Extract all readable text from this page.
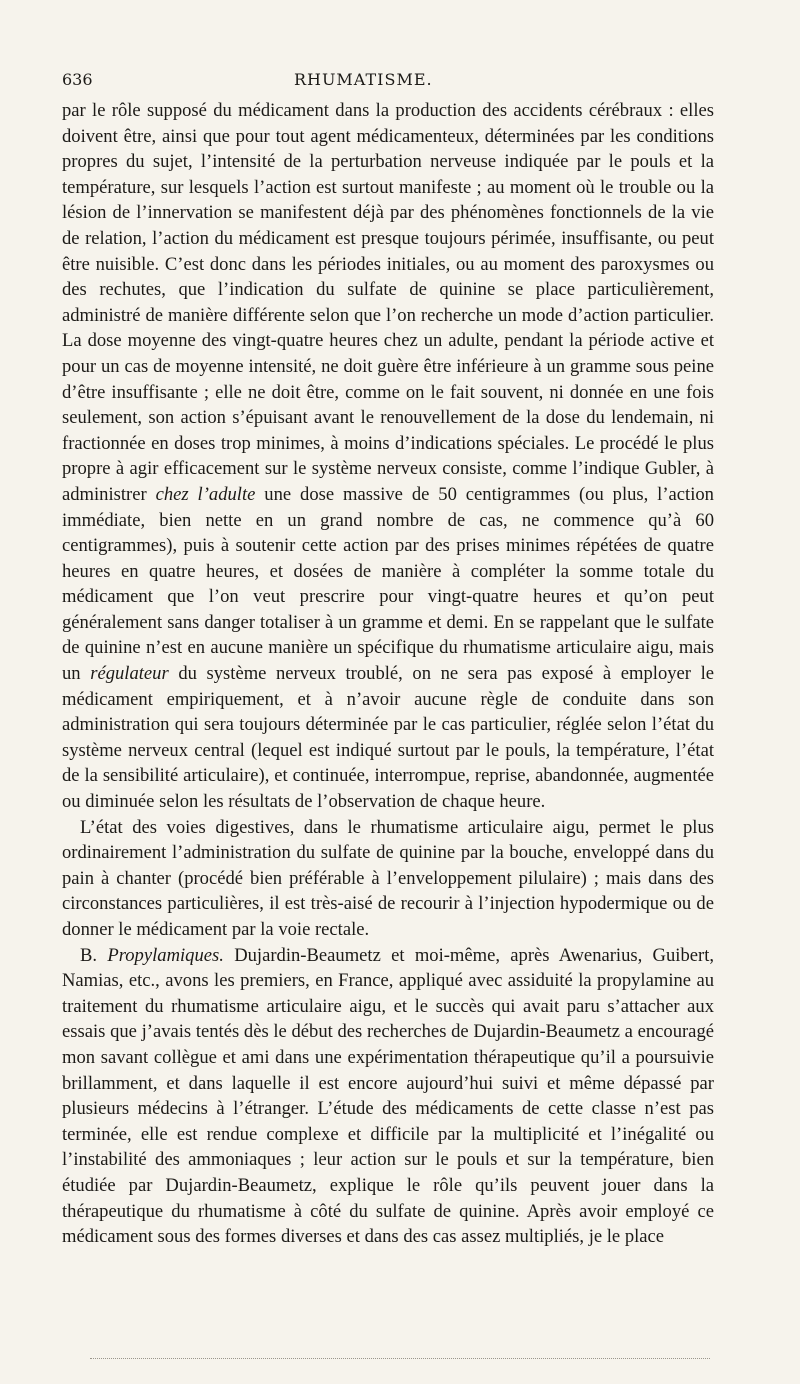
636	RHUMATISME.

par le rôle supposé du médicament dans la production des accidents cérébraux : elles doivent être, ainsi que pour tout agent médicamenteux, déterminées par les conditions propres du sujet, l’intensité de la perturbation nerveuse indiquée par le pouls et la température, sur lesquels l’action est surtout manifeste ; au moment où le trouble ou la lésion de l’innervation se manifestent déjà par des phénomènes fonctionnels de la vie de relation, l’action du médicament est presque toujours périmée, insuffisante, ou peut être nuisible. C’est donc dans les périodes initiales, ou au moment des paroxysmes ou des rechutes, que l’indication du sulfate de quinine se place particulièrement, administré de manière différente selon que l’on recherche un mode d’action particulier. La dose moyenne des vingt-quatre heures chez un adulte, pendant la période active et pour un cas de moyenne intensité, ne doit guère être inférieure à un gramme sous peine d’être insuffisante ; elle ne doit être, comme on le fait souvent, ni donnée en une fois seulement, son action s’épuisant avant le renouvellement de la dose du lendemain, ni fractionnée en doses trop minimes, à moins d’indications spéciales. Le procédé le plus propre à agir efficacement sur le système nerveux consiste, comme l’indique Gubler, à administrer chez l’adulte une dose massive de 50 centigrammes (ou plus, l’action immédiate, bien nette en un grand nombre de cas, ne commence qu’à 60 centigrammes), puis à soutenir cette action par des prises minimes répétées de quatre heures en quatre heures, et dosées de manière à compléter la somme totale du médicament que l’on veut prescrire pour vingt-quatre heures et qu’on peut généralement sans danger totaliser à un gramme et demi. En se rappelant que le sulfate de quinine n’est en aucune manière un spécifique du rhumatisme articulaire aigu, mais un régulateur du système nerveux troublé, on ne sera pas exposé à employer le médicament empiriquement, et à n’avoir aucune règle de conduite dans son administration qui sera toujours déterminée par le cas particulier, réglée selon l’état du système nerveux central (lequel est indiqué surtout par le pouls, la température, l’état de la sensibilité articulaire), et continuée, interrompue, reprise, abandonnée, augmentée ou diminuée selon les résultats de l’observation de chaque heure.

L’état des voies digestives, dans le rhumatisme articulaire aigu, permet le plus ordinairement l’administration du sulfate de quinine par la bouche, enveloppé dans du pain à chanter (procédé bien préférable à l’enveloppement pilulaire) ; mais dans des circonstances particulières, il est très-aisé de recourir à l’injection hypodermique ou de donner le médicament par la voie rectale.

B. Propylamiques. Dujardin-Beaumetz et moi-même, après Awenarius, Guibert, Namias, etc., avons les premiers, en France, appliqué avec assiduité la propylamine au traitement du rhumatisme articulaire aigu, et le succès qui avait paru s’attacher aux essais que j’avais tentés dès le début des recherches de Dujardin-Beaumetz a encouragé mon savant collègue et ami dans une expérimentation thérapeutique qu’il a poursuivie brillamment, et dans laquelle il est encore aujourd’hui suivi et même dépassé par plusieurs médecins à l’étranger. L’étude des médicaments de cette classe n’est pas terminée, elle est rendue complexe et difficile par la multiplicité et l’inégalité ou l’instabilité des ammoniaques ; leur action sur le pouls et sur la température, bien étudiée par Dujardin-Beaumetz, explique le rôle qu’ils peuvent jouer dans la thérapeutique du rhumatisme à côté du sulfate de quinine. Après avoir employé ce médicament sous des formes diverses et dans des cas assez multipliés, je le place
